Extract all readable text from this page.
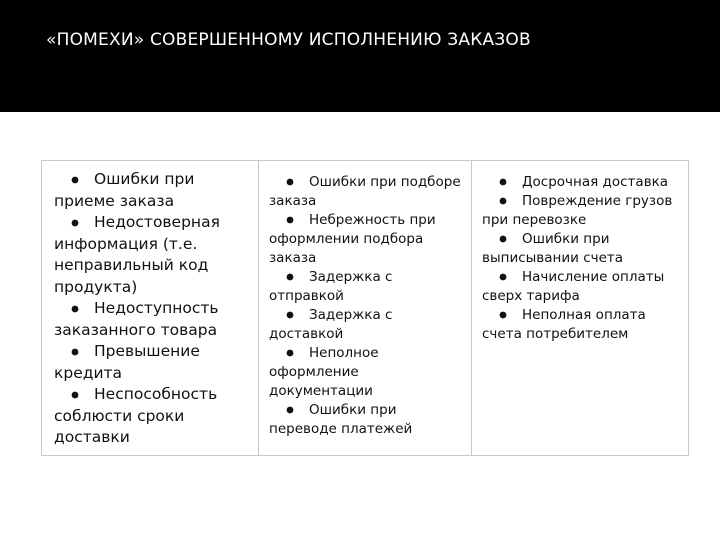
«ПОМЕХИ» СОВЕРШЕННОМУ ИСПОЛНЕНИЮ ЗАКАЗОВ
Ошибки при приеме заказа
Недостоверная информация (т.е. неправильный код продукта)
Недоступность заказанного товара
Превышение кредита
Неспособность соблюсти сроки доставки

Ошибки при подборе заказа
Небрежность при оформлении подбора заказа
Задержка с отправкой
Задержка с доставкой
Неполное оформление документации
Ошибки при переводе платежей

Досрочная доставка
Повреждение грузов при перевозке
Ошибки при выписывании счета
Начисление оплаты сверх тарифа
Неполная оплата счета потребителем
